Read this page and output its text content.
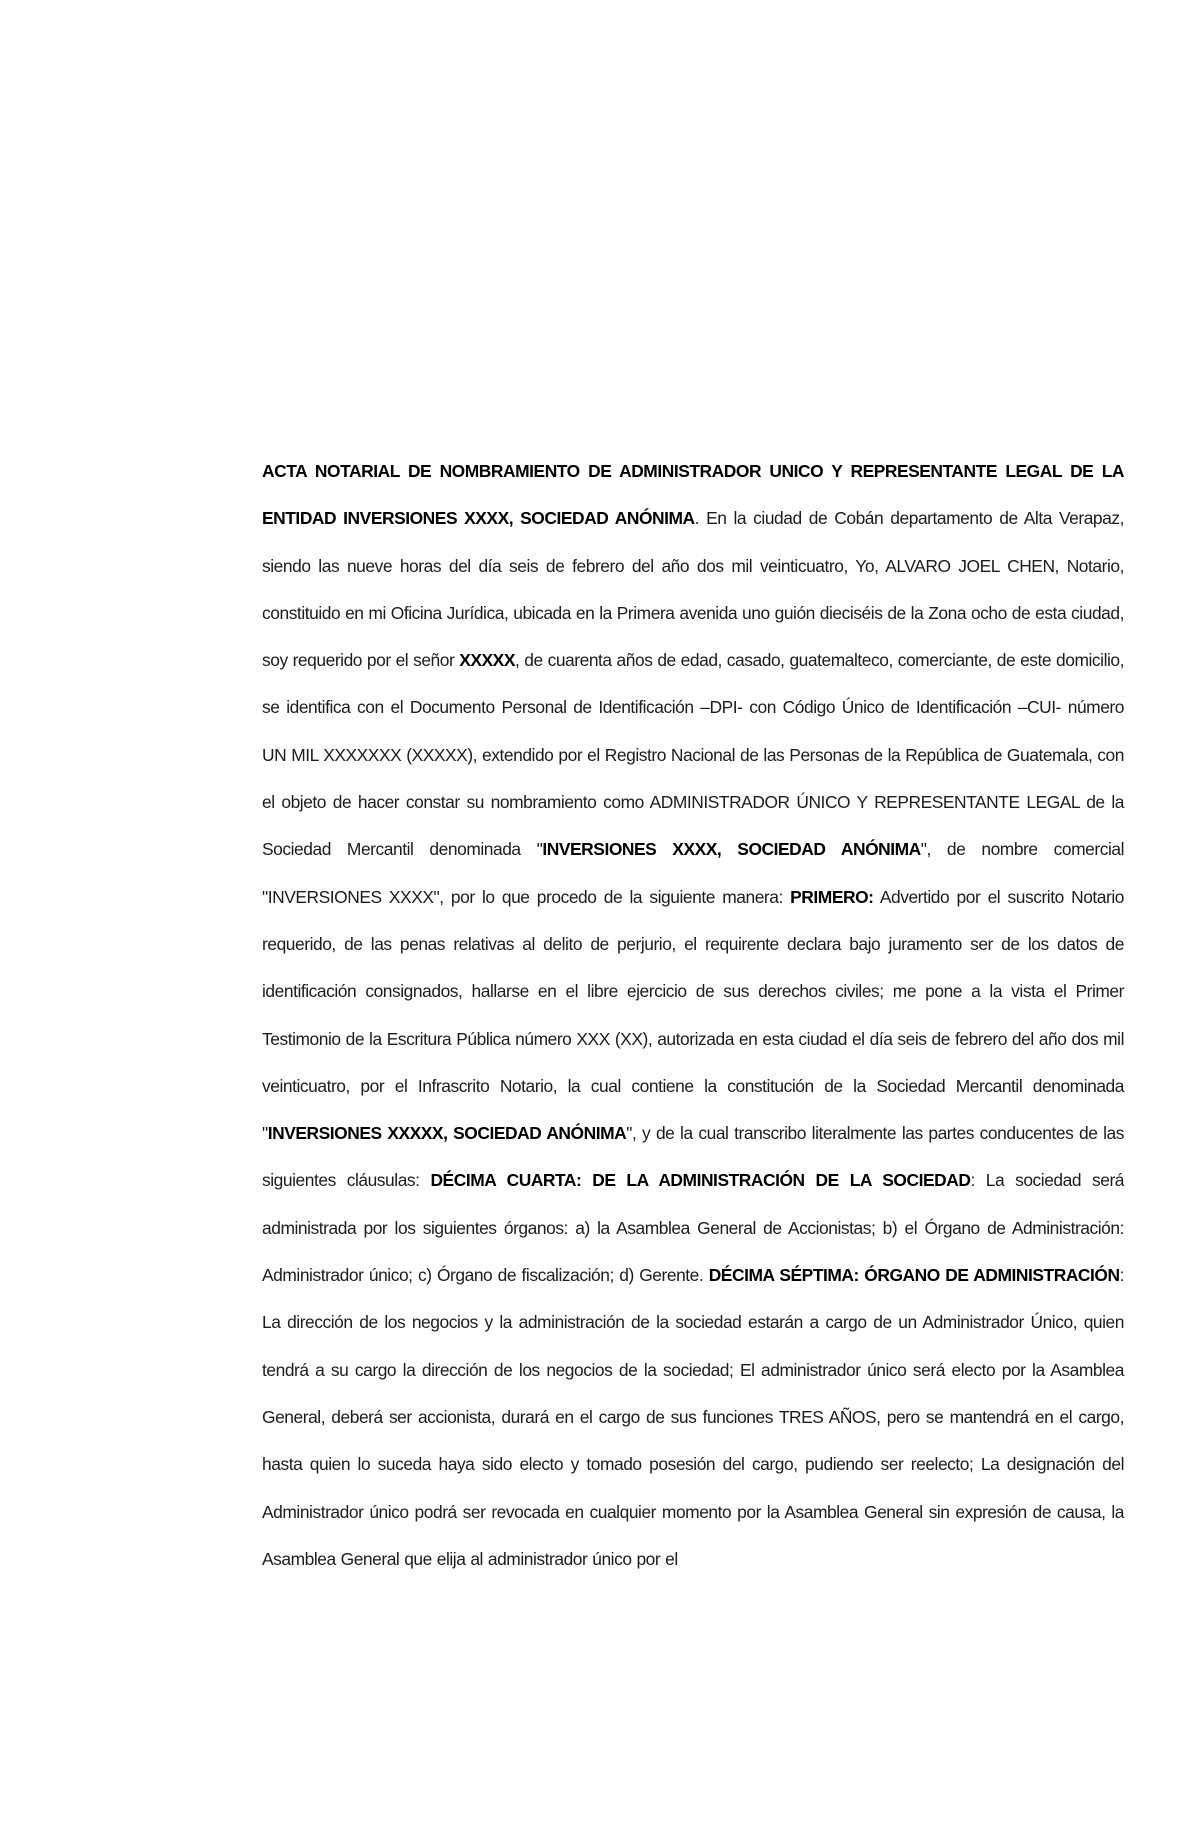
ACTA NOTARIAL DE NOMBRAMIENTO DE ADMINISTRADOR UNICO Y REPRESENTANTE LEGAL DE LA ENTIDAD INVERSIONES XXXX, SOCIEDAD ANÓNIMA. En la ciudad de Cobán departamento de Alta Verapaz, siendo las nueve horas del día seis de febrero del año dos mil veinticuatro, Yo, ALVARO JOEL CHEN, Notario, constituido en mi Oficina Jurídica, ubicada en la Primera avenida uno guión dieciséis de la Zona ocho de esta ciudad, soy requerido por el señor XXXXX, de cuarenta años de edad, casado, guatemalteco, comerciante, de este domicilio, se identifica con el Documento Personal de Identificación –DPI- con Código Único de Identificación –CUI- número UN MIL XXXXXXX (XXXXX), extendido por el Registro Nacional de las Personas de la República de Guatemala, con el objeto de hacer constar su nombramiento como ADMINISTRADOR ÚNICO Y REPRESENTANTE LEGAL de la Sociedad Mercantil denominada "INVERSIONES XXXX, SOCIEDAD ANÓNIMA", de nombre comercial "INVERSIONES XXXX", por lo que procedo de la siguiente manera: PRIMERO: Advertido por el suscrito Notario requerido, de las penas relativas al delito de perjurio, el requirente declara bajo juramento ser de los datos de identificación consignados, hallarse en el libre ejercicio de sus derechos civiles; me pone a la vista el Primer Testimonio de la Escritura Pública número XXX (XX), autorizada en esta ciudad el día seis de febrero del año dos mil veinticuatro, por el Infrascrito Notario, la cual contiene la constitución de la Sociedad Mercantil denominada "INVERSIONES XXXXX, SOCIEDAD ANÓNIMA", y de la cual transcribo literalmente las partes conducentes de las siguientes cláusulas: DÉCIMA CUARTA: DE LA ADMINISTRACIÓN DE LA SOCIEDAD: La sociedad será administrada por los siguientes órganos: a) la Asamblea General de Accionistas; b) el Órgano de Administración: Administrador único; c) Órgano de fiscalización; d) Gerente. DÉCIMA SÉPTIMA: ÓRGANO DE ADMINISTRACIÓN: La dirección de los negocios y la administración de la sociedad estarán a cargo de un Administrador Único, quien tendrá a su cargo la dirección de los negocios de la sociedad; El administrador único será electo por la Asamblea General, deberá ser accionista, durará en el cargo de sus funciones TRES AÑOS, pero se mantendrá en el cargo, hasta quien lo suceda haya sido electo y tomado posesión del cargo, pudiendo ser reelecto; La designación del Administrador único podrá ser revocada en cualquier momento por la Asamblea General sin expresión de causa, la Asamblea General que elija al administrador único por el
